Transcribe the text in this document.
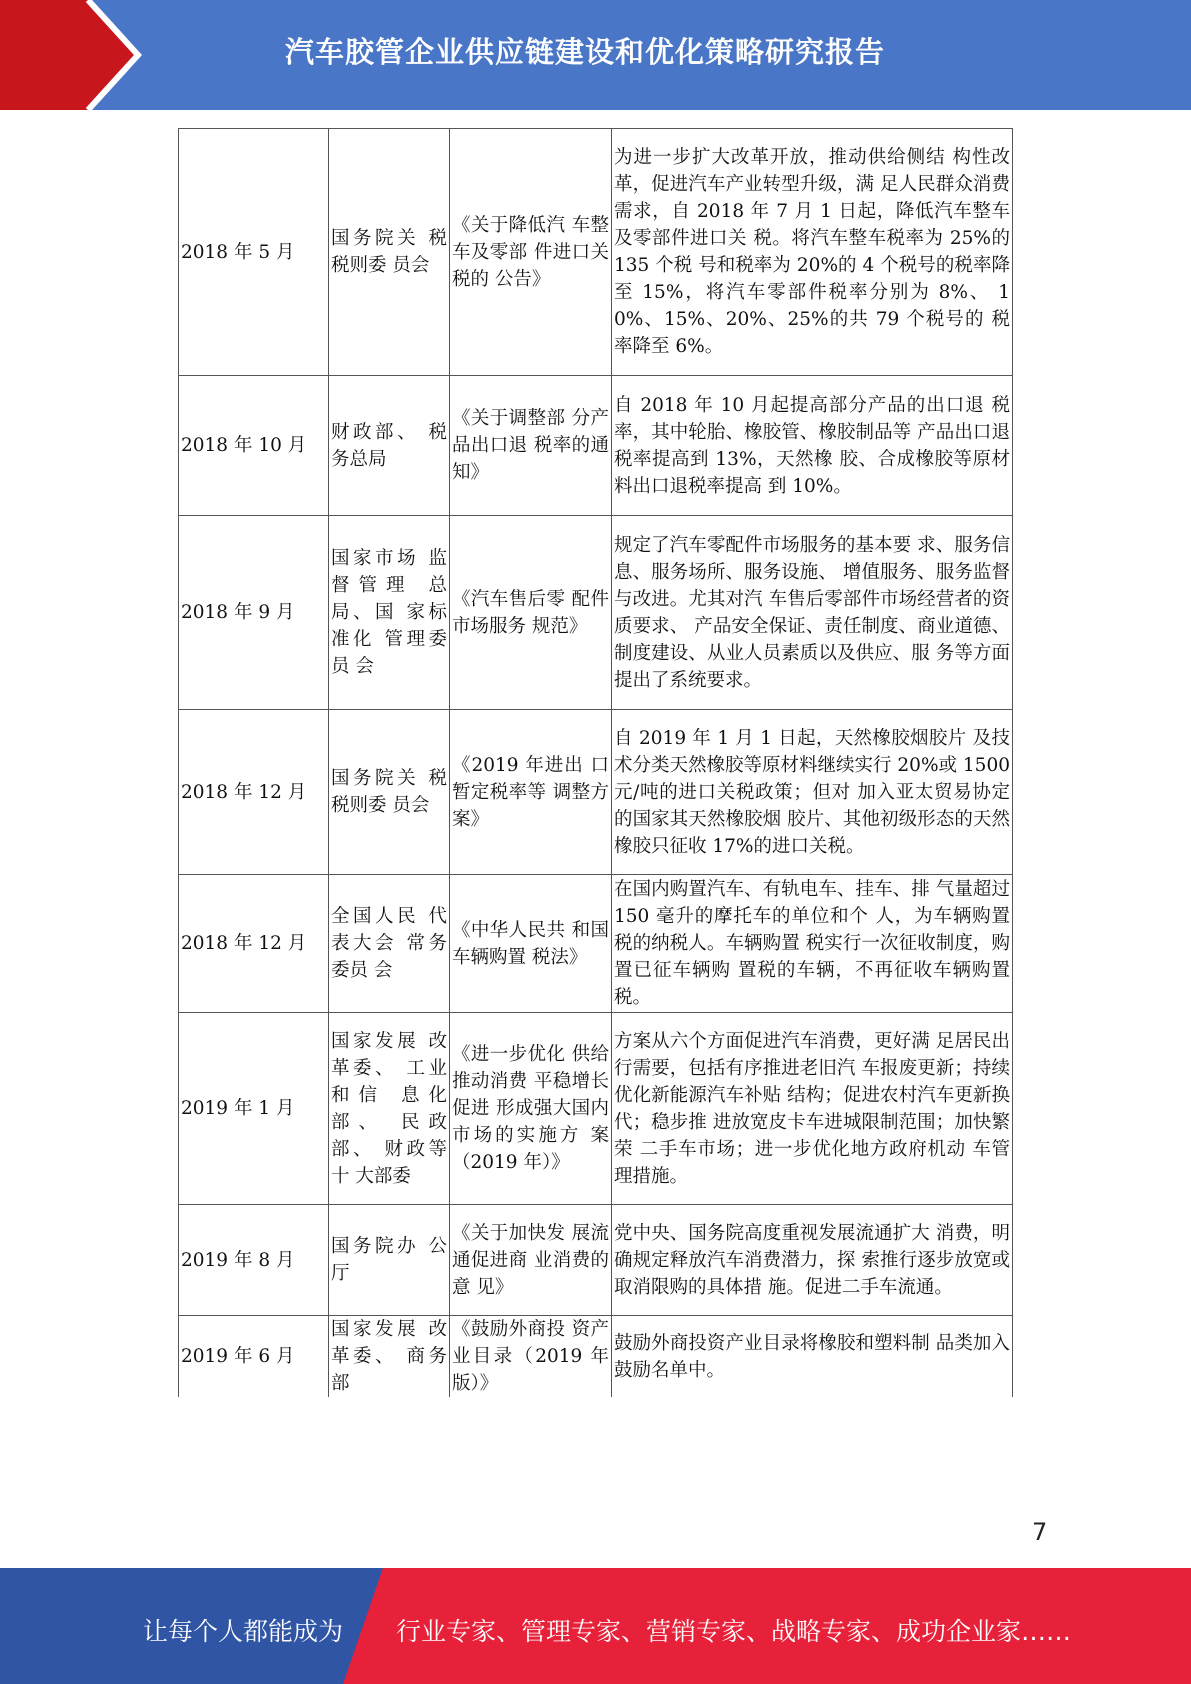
汽车胶管企业供应链建设和优化策略研究报告
2018 年 5 月	国务院关 税税则委 员会	《关于降低汽 车整车及零部 件进口关税的 公告》	为进一步扩大改革开放，推动供给侧结 构性改革，促进汽车产业转型升级，满 足人民群众消费需求，自 2018 年 7 月 1 日起，降低汽车整车及零部件进口关 税。将汽车整车税率为 25%的 135 个税 号和税率为 20%的 4 个税号的税率降至 15%，将汽车零部件税率分别为 8%、 10%、15%、20%、25%的共 79 个税号的 税率降至 6%。
2018 年 10 月	财政部、 税务总局	《关于调整部 分产品出口退 税率的通知》	自 2018 年 10 月起提高部分产品的出口退 税率，其中轮胎、橡胶管、橡胶制品等 产品出口退税率提高到 13%，天然橡 胶、合成橡胶等原材料出口退税率提高 到 10%。
2018 年 9 月	国家市场 监督管理 总局、国 家标准化 管理委员 会	《汽车售后零 配件市场服务 规范》	规定了汽车零配件市场服务的基本要 求、服务信息、服务场所、服务设施、 增值服务、服务监督与改进。尤其对汽 车售后零部件市场经营者的资质要求、 产品安全保证、责任制度、商业道德、 制度建设、从业人员素质以及供应、服 务等方面提出了系统要求。
2018 年 12 月	国务院关 税税则委 员会	《2019 年进出 口暂定税率等 调整方案》	自 2019 年 1 月 1 日起，天然橡胶烟胶片 及技术分类天然橡胶等原材料继续实行 20%或 1500 元/吨的进口关税政策；但对 加入亚太贸易协定的国家其天然橡胶烟 胶片、其他初级形态的天然橡胶只征收 17%的进口关税。
2018 年 12 月	全国人民 代表大会 常务委员 会	《中华人民共 和国车辆购置 税法》	在国内购置汽车、有轨电车、挂车、排 气量超过 150 毫升的摩托车的单位和个 人，为车辆购置税的纳税人。车辆购置 税实行一次征收制度，购置已征车辆购 置税的车辆，不再征收车辆购置税。
2019 年 1 月	国家发展 改革委、 工业和信 息化部、 民政部、 财政等十 大部委	《进一步优化 供给推动消费 平稳增长促进 形成强大国内 市场的实施方 案（2019 年）》	方案从六个方面促进汽车消费，更好满 足居民出行需要，包括有序推进老旧汽 车报废更新；持续优化新能源汽车补贴 结构；促进农村汽车更新换代；稳步推 进放宽皮卡车进城限制范围；加快繁荣 二手车市场；进一步优化地方政府机动 车管理措施。
2019 年 8 月	国务院办 公厅	《关于加快发 展流通促进商 业消费的意 见》	党中央、国务院高度重视发展流通扩大 消费，明确规定释放汽车消费潜力，探 索推行逐步放宽或取消限购的具体措 施。促进二手车流通。
2019 年 6 月	国家发展 改革委、 商务部	《鼓励外商投 资产业目录（2019 年版）》	鼓励外商投资产业目录将橡胶和塑料制 品类加入鼓励名单中。
7
让每个人都能成为 行业专家、管理专家、营销专家、战略专家、成功企业家……
